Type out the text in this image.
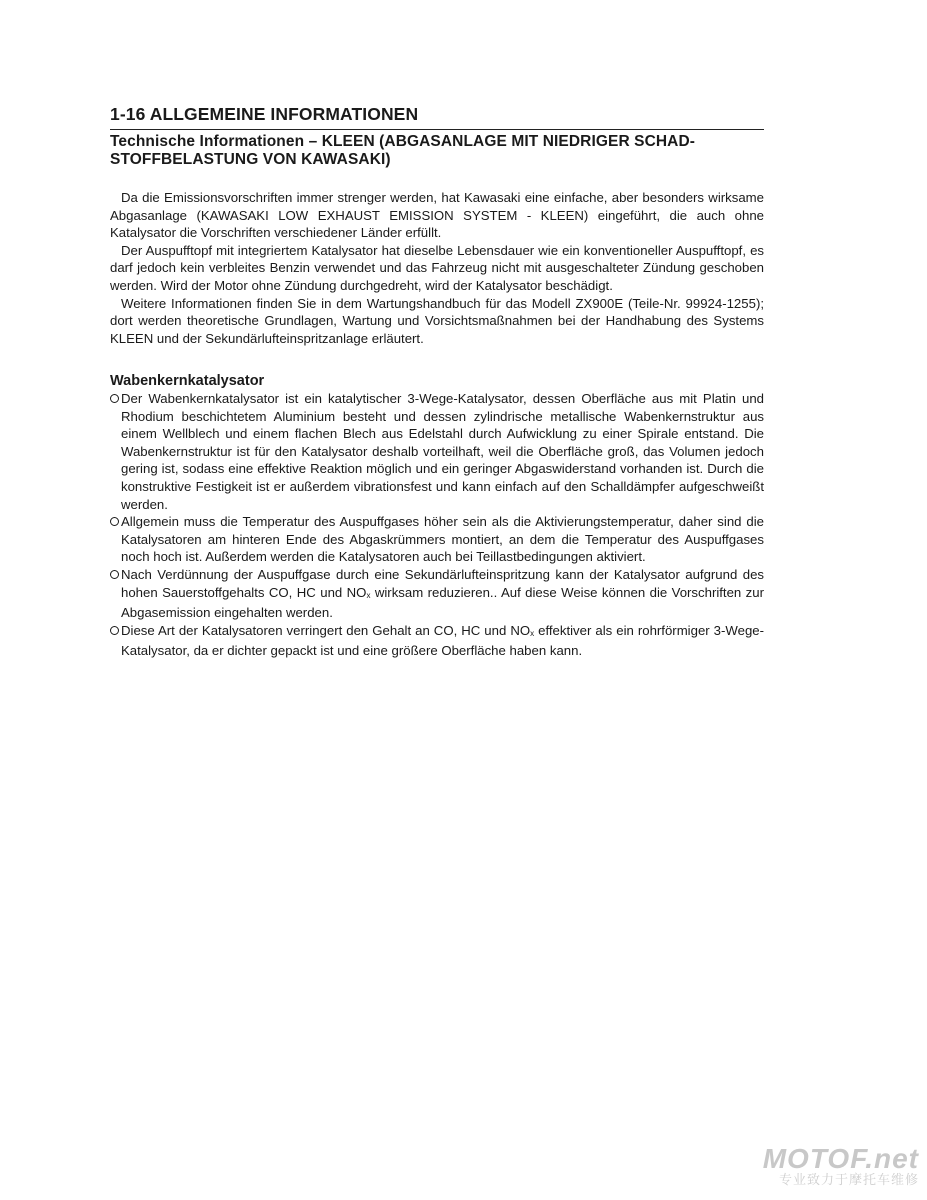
1-16 ALLGEMEINE INFORMATIONEN
Technische Informationen – KLEEN (ABGASANLAGE MIT NIEDRIGER SCHAD-
STOFFBELASTUNG VON KAWASAKI)

Da die Emissionsvorschriften immer strenger werden, hat Kawasaki eine einfache, aber besonders wirksame Abgasanlage (KAWASAKI LOW EXHAUST EMISSION SYSTEM - KLEEN) eingeführt, die auch ohne Katalysator die Vorschriften verschiedener Länder erfüllt.

Der Auspufftopf mit integriertem Katalysator hat dieselbe Lebensdauer wie ein konventioneller Auspufftopf, es darf jedoch kein verbleites Benzin verwendet und das Fahrzeug nicht mit ausgeschalteter Zündung geschoben werden. Wird der Motor ohne Zündung durchgedreht, wird der Katalysator beschädigt.

Weitere Informationen finden Sie in dem Wartungshandbuch für das Modell ZX900E (Teile-Nr. 99924-1255); dort werden theoretische Grundlagen, Wartung und Vorsichtsmaßnahmen bei der Handhabung des Systems KLEEN und der Sekundärlufteinspritzanlage erläutert.

Wabenkernkatalysator
Der Wabenkernkatalysator ist ein katalytischer 3-Wege-Katalysator, dessen Oberfläche aus mit Platin und Rhodium beschichtetem Aluminium besteht und dessen zylindrische metallische Wabenkernstruktur aus einem Wellblech und einem flachen Blech aus Edelstahl durch Aufwicklung zu einer Spirale entstand. Die Wabenkernstruktur ist für den Katalysator deshalb vorteilhaft, weil die Oberfläche groß, das Volumen jedoch gering ist, sodass eine effektive Reaktion möglich und ein geringer Abgaswiderstand vorhanden ist. Durch die konstruktive Festigkeit ist er außerdem vibrationsfest und kann einfach auf den Schalldämpfer aufgeschweißt werden.
Allgemein muss die Temperatur des Auspuffgases höher sein als die Aktivierungstemperatur, daher sind die Katalysatoren am hinteren Ende des Abgaskrümmers montiert, an dem die Temperatur des Auspuffgases noch hoch ist. Außerdem werden die Katalysatoren auch bei Teillastbedingungen aktiviert.
Nach Verdünnung der Auspuffgase durch eine Sekundärlufteinspritzung kann der Katalysator aufgrund des hohen Sauerstoffgehalts CO, HC und $NO_x$ wirksam reduzieren.. Auf diese Weise können die Vorschriften zur Abgasemission eingehalten werden.
Diese Art der Katalysatoren verringert den Gehalt an CO, HC und $NO_x$ effektiver als ein rohrförmiger 3-Wege-Katalysator, da er dichter gepackt ist und eine größere Oberfläche haben kann.
MOTOF.net
专业致力于摩托车维修
